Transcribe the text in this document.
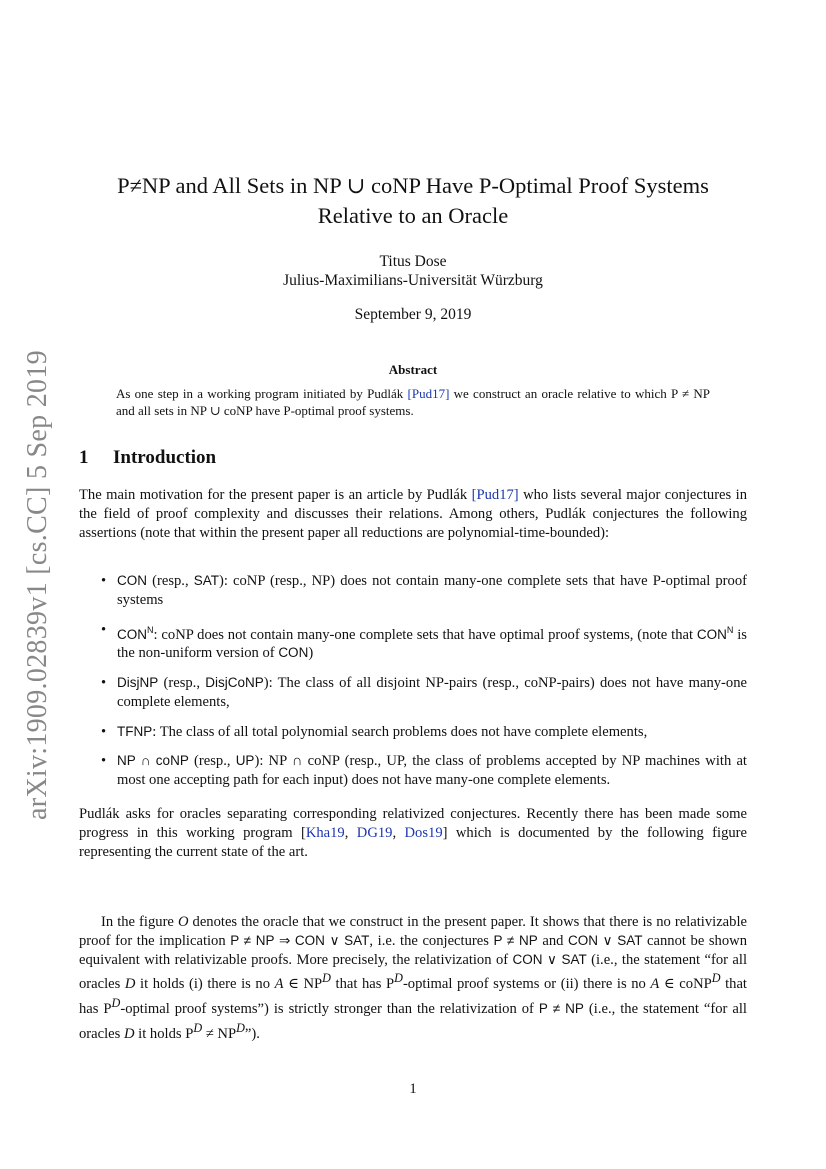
arXiv:1909.02839v1 [cs.CC] 5 Sep 2019
P≠NP and All Sets in NP ∪ coNP Have P-Optimal Proof Systems
Relative to an Oracle
Titus Dose
Julius-Maximilians-Universität Würzburg
September 9, 2019
Abstract
As one step in a working program initiated by Pudlák [Pud17] we construct an oracle relative to which P ≠ NP and all sets in NP ∪ coNP have P-optimal proof systems.
1 Introduction
The main motivation for the present paper is an article by Pudlák [Pud17] who lists several major conjectures in the field of proof complexity and discusses their relations. Among others, Pudlák conjectures the following assertions (note that within the present paper all reductions are polynomial-time-bounded):
• CON (resp., SAT): coNP (resp., NP) does not contain many-one complete sets that have P-optimal proof systems
• $CON^N$: coNP does not contain many-one complete sets that have optimal proof systems, (note that $CON^N$ is the non-uniform version of CON)
• DisjNP (resp., DisjCoNP): The class of all disjoint NP-pairs (resp., coNP-pairs) does not have many-one complete elements,
• TFNP: The class of all total polynomial search problems does not have complete elements,
• NP ∩ coNP (resp., UP): NP ∩ coNP (resp., UP, the class of problems accepted by NP machines with at most one accepting path for each input) does not have many-one complete elements.
Pudlák asks for oracles separating corresponding relativized conjectures. Recently there has been made some progress in this working program [Kha19, DG19, Dos19] which is documented by the following figure representing the current state of the art.
In the figure O denotes the oracle that we construct in the present paper. It shows that there is no relativizable proof for the implication P ≠ NP ⇒ CON ∨ SAT, i.e. the conjectures P ≠ NP and CON ∨ SAT cannot be shown equivalent with relativizable proofs. More precisely, the relativization of CON ∨ SAT (i.e., the statement “for all oracles D it holds (i) there is no A ∈ $NP^D$ that has $P^D$-optimal proof systems or (ii) there is no A ∈ coNP$^D$ that has $P^D$-optimal proof systems”) is strictly stronger than the relativization of P ≠ NP (i.e., the statement “for all oracles D it holds $P^D$ ≠ $NP^D$”).
1
